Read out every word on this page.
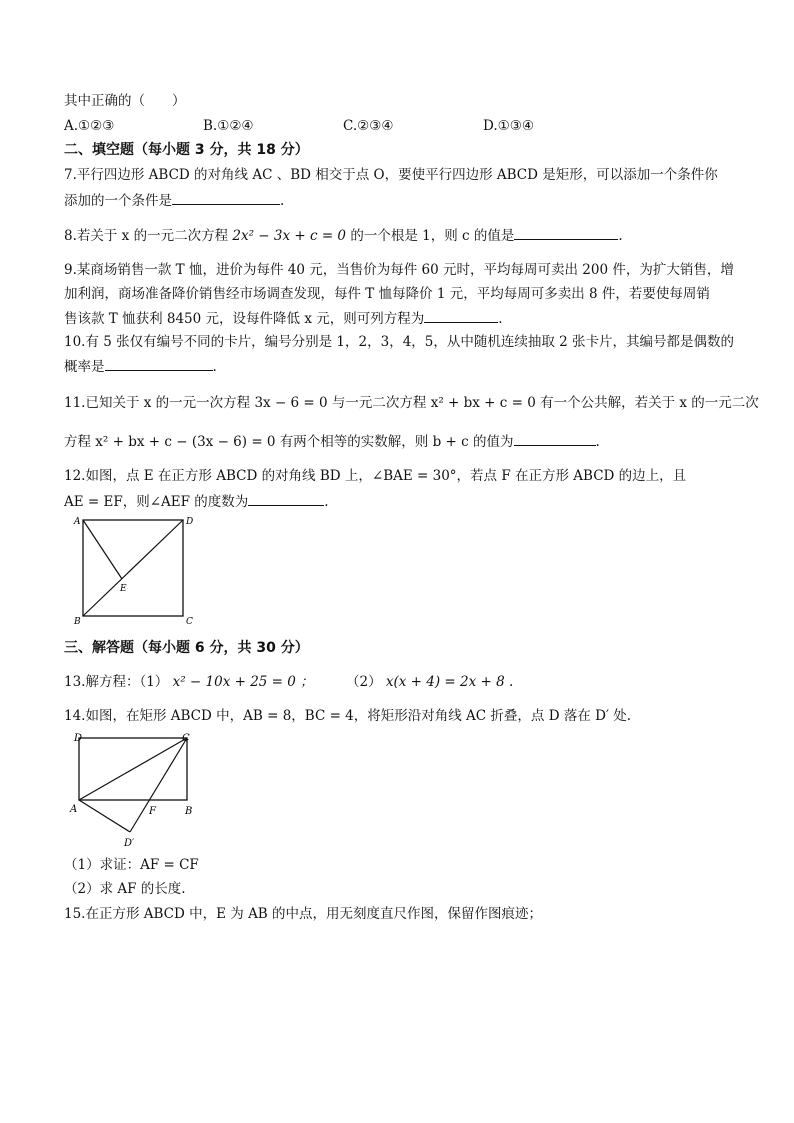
其中正确的（　　）
A.①②③	B.①②④	C.②③④	D.①③④
二、填空题（每小题 3 分，共 18 分）
7.平行四边形 ABCD 的对角线 AC 、BD 相交于点 O，要使平行四边形 ABCD 是矩形，可以添加一个条件你
添加的一个条件是	.
8.若关于 x 的一元二次方程 2x² − 3x + c = 0 的一个根是 1，则 c 的值是	.
9.某商场销售一款 T 恤，进价为每件 40 元，当售价为每件 60 元时，平均每周可卖出 200 件，为扩大销售，增
加利润，商场准备降价销售经市场调查发现，每件 T 恤每降价 1 元，平均每周可多卖出 8 件，若要使每周销
售该款 T 恤获利 8450 元，设每件降低 x 元，则可列方程为	.
10.有 5 张仅有编号不同的卡片，编号分别是 1，2，3，4，5，从中随机连续抽取 2 张卡片，其编号都是偶数的
概率是	.
11.已知关于 x 的一元一次方程 3x − 6 = 0 与一元二次方程 x² + bx + c = 0 有一个公共解，若关于 x 的一元二次
方程 x² + bx + c − (3x − 6) = 0 有两个相等的实数解，则 b + c 的值为	.
12.如图，点 E 在正方形 ABCD 的对角线 BD 上，∠BAE = 30°，若点 F 在正方形 ABCD 的边上，且
AE = EF，则∠AEF 的度数为	.
A	D
B	C
E
三、解答题（每小题 6 分，共 30 分）
13.解方程：（1） x² − 10x + 25 = 0 ； （2） x(x + 4) = 2x + 8 .
14.如图，在矩形 ABCD 中，AB = 8，BC = 4，将矩形沿对角线 AC 折叠，点 D 落在 D′ 处.
D	C
A	B
F
D′
（1）求证：AF = CF
（2）求 AF 的长度.
15.在正方形 ABCD 中，E 为 AB 的中点，用无刻度直尺作图，保留作图痕迹；
